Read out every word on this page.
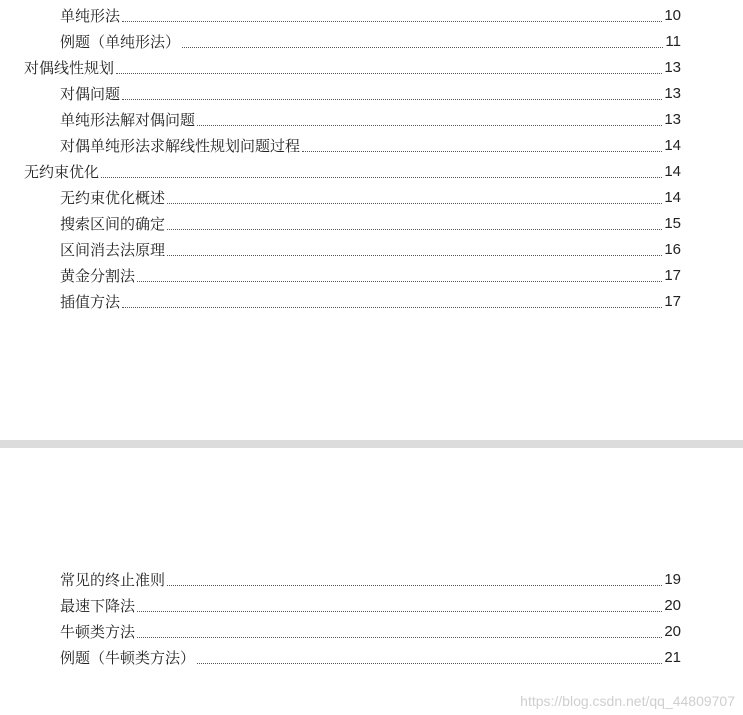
单纯形法	10
例题（单纯形法）	11
对偶线性规划	13
对偶问题	13
单纯形法解对偶问题	13
对偶单纯形法求解线性规划问题过程	14
无约束优化	14
无约束优化概述	14
搜索区间的确定	15
区间消去法原理	16
黄金分割法	17
插值方法	17
常见的终止准则	19
最速下降法	20
牛顿类方法	20
例题（牛顿类方法）	21
https://blog.csdn.net/qq_44809707
